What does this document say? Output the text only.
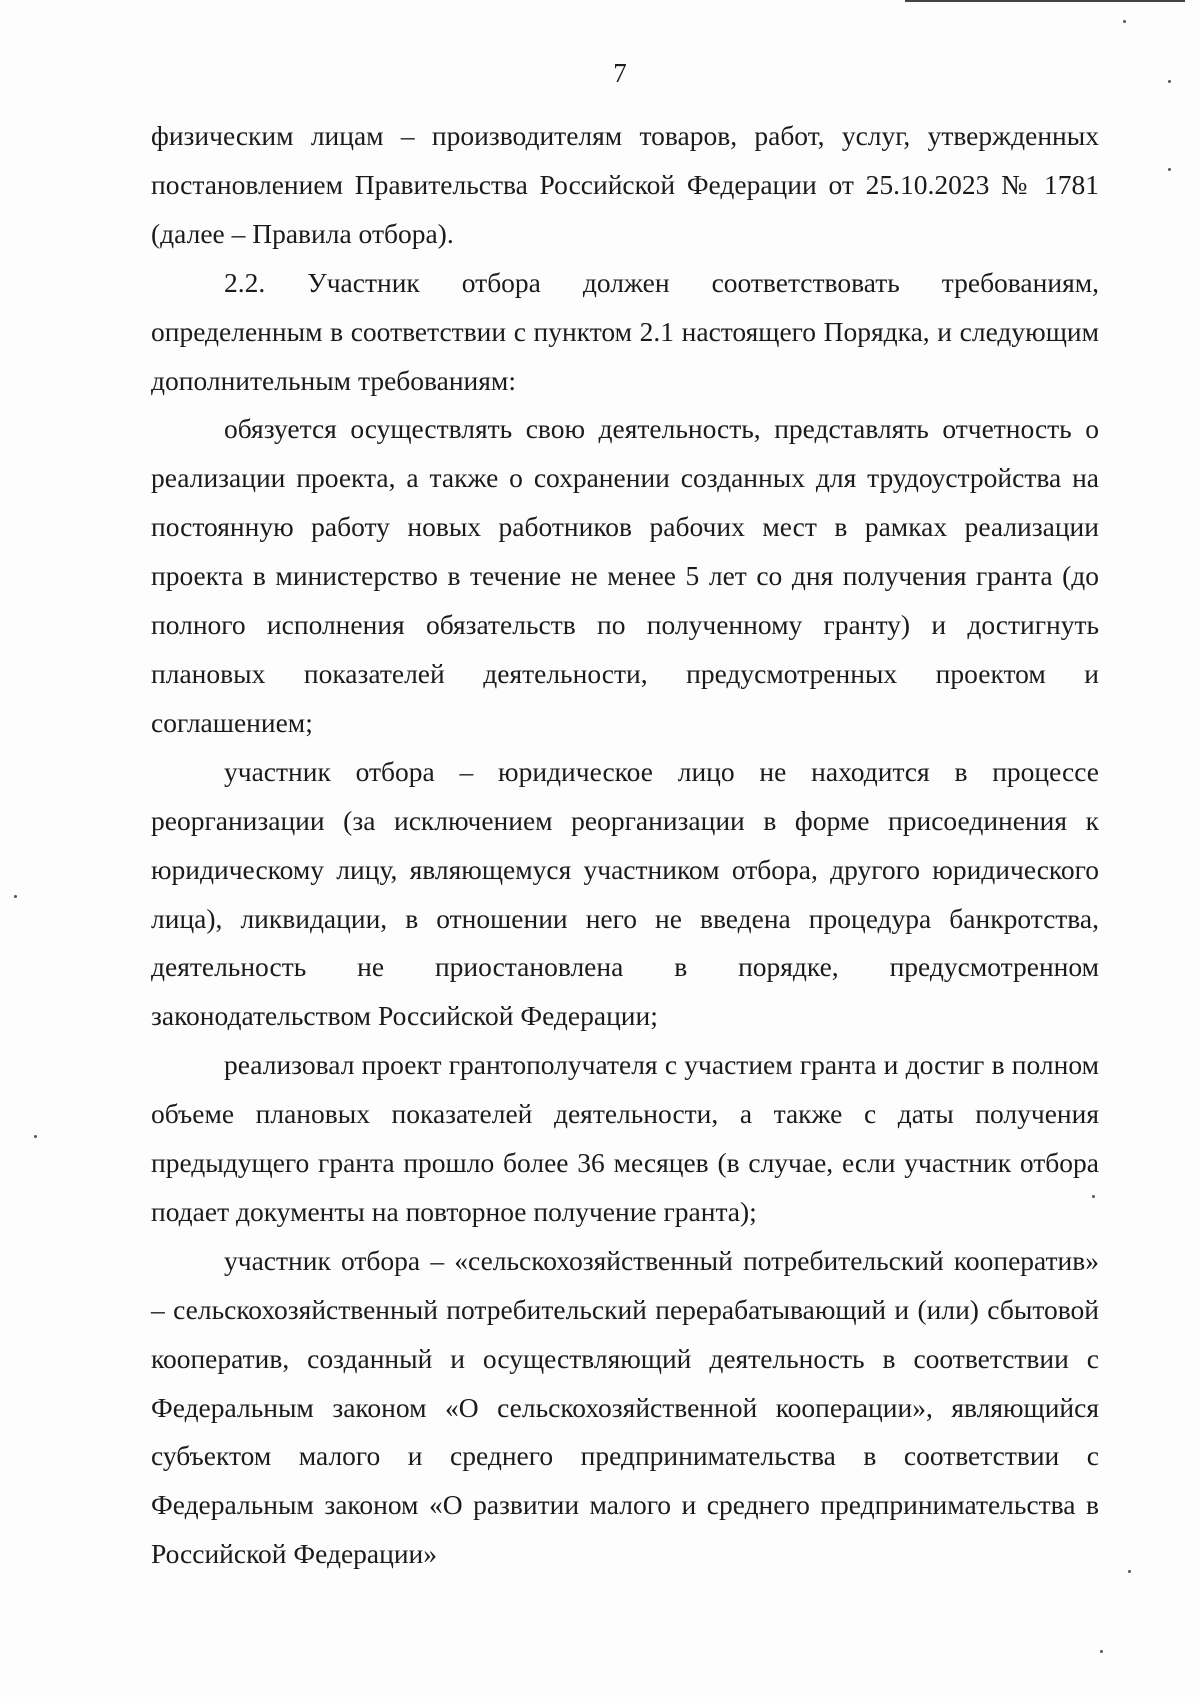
7

физическим лицам – производителям товаров, работ, услуг, утвержденных постановлением Правительства Российской Федерации от 25.10.2023 № 1781 (далее – Правила отбора).

2.2. Участник отбора должен соответствовать требованиям, определенным в соответствии с пунктом 2.1 настоящего Порядка, и следующим дополнительным требованиям:

обязуется осуществлять свою деятельность, представлять отчетность о реализации проекта, а также о сохранении созданных для трудоустройства на постоянную работу новых работников рабочих мест в рамках реализации проекта в министерство в течение не менее 5 лет со дня получения гранта (до полного исполнения обязательств по полученному гранту) и достигнуть плановых показателей деятельности, предусмотренных проектом и соглашением;

участник отбора – юридическое лицо не находится в процессе реорганизации (за исключением реорганизации в форме присоединения к юридическому лицу, являющемуся участником отбора, другого юридического лица), ликвидации, в отношении него не введена процедура банкротства, деятельность не приостановлена в порядке, предусмотренном законодательством Российской Федерации;

реализовал проект грантополучателя с участием гранта и достиг в полном объеме плановых показателей деятельности, а также с даты получения предыдущего гранта прошло более 36 месяцев (в случае, если участник отбора подает документы на повторное получение гранта);

участник отбора – «сельскохозяйственный потребительский кооператив» – сельскохозяйственный потребительский перерабатывающий и (или) сбытовой кооператив, созданный и осуществляющий деятельность в соответствии с Федеральным законом «О сельскохозяйственной кооперации», являющийся субъектом малого и среднего предпринимательства в соответствии с Федеральным законом «О развитии малого и среднего предпринимательства в Российской Федерации»
